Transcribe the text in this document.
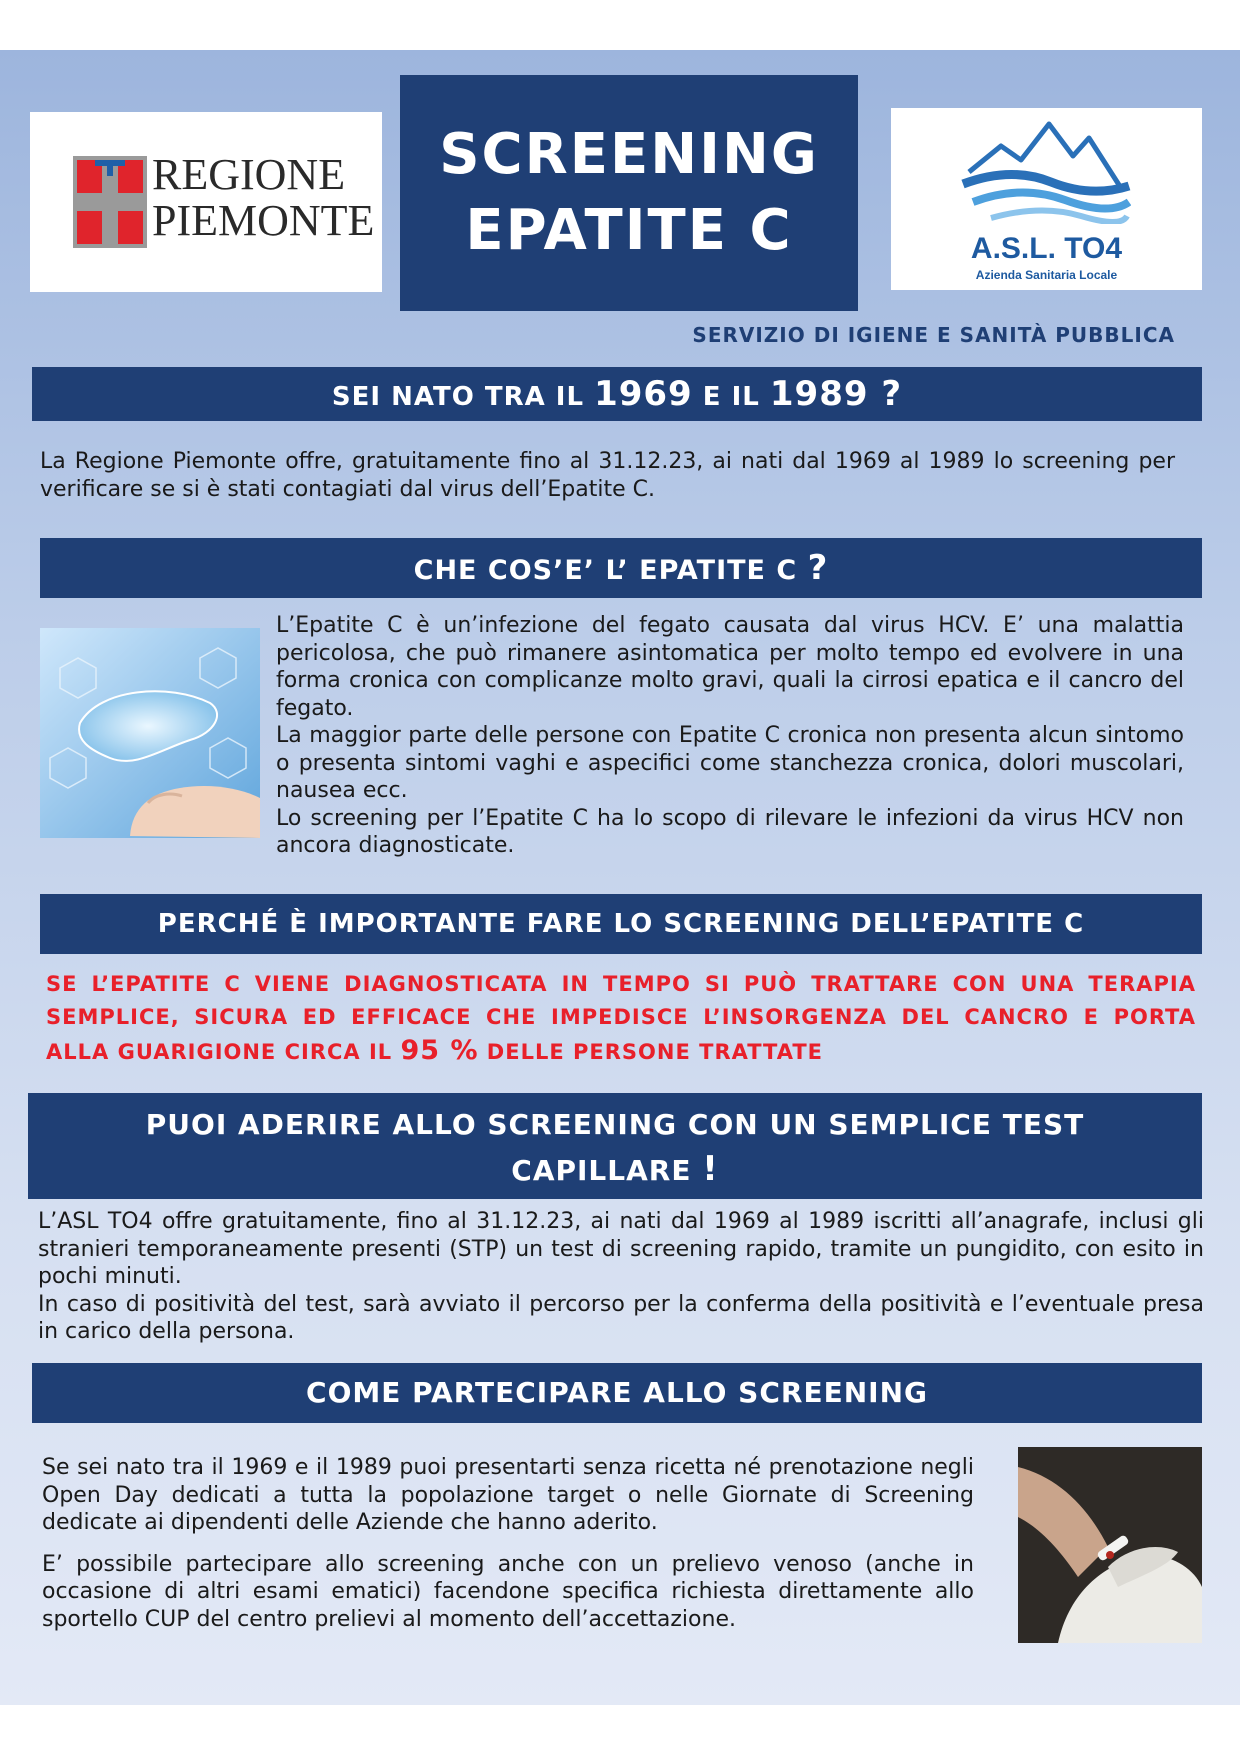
REGIONE
PIEMONTE
SCREENING
EPATITE C	A.S.L. TO4
Azienda Sanitaria Locale
SERVIZIO DI IGIENE E SANITÀ PUBBLICA
SEI NATO TRA IL 1969 E IL 1989 ?
La Regione Piemonte offre, gratuitamente fino al 31.12.23, ai nati dal 1969 al 1989 lo screening per verificare se si è stati contagiati dal virus dell’Epatite C.
CHE COS’E’ L’ EPATITE C ?

L’Epatite C è un’infezione del fegato causata dal virus HCV. E’ una malattia pericolosa, che può rimanere asintomatica per molto tempo ed evolvere in una forma cronica con complicanze molto gravi, quali la cirrosi epatica e il cancro del fegato.

La maggior parte delle persone con Epatite C cronica non presenta alcun sintomo o presenta sintomi vaghi e aspecifici come stanchezza cronica, dolori muscolari, nausea ecc.

Lo screening per l’Epatite C ha lo scopo di rilevare le infezioni da virus HCV non ancora diagnosticate.

PERCHÉ È IMPORTANTE FARE LO SCREENING DELL’EPATITE C
SE L’EPATITE C VIENE DIAGNOSTICATA IN TEMPO SI PUÒ TRATTARE CON UNA TERAPIA SEMPLICE, SICURA ED EFFICACE CHE IMPEDISCE L’INSORGENZA DEL CANCRO E PORTA ALLA GUARIGIONE CIRCA IL 95 % DELLE PERSONE TRATTATE
PUOI ADERIRE ALLO SCREENING CON UN SEMPLICE TEST
CAPILLARE !

L’ASL TO4 offre gratuitamente, fino al 31.12.23, ai nati dal 1969 al 1989 iscritti all’anagrafe, inclusi gli stranieri temporaneamente presenti (STP) un test di screening rapido, tramite un pungidito, con esito in pochi minuti.

In caso di positività del test, sarà avviato il percorso per la conferma della positività e l’eventuale presa in carico della persona.

COME PARTECIPARE ALLO SCREENING

Se sei nato tra il 1969 e il 1989 puoi presentarti senza ricetta né prenotazione negli Open Day dedicati a tutta la popolazione target o nelle Giornate di Screening dedicate ai dipendenti delle Aziende che hanno aderito.

E’ possibile partecipare allo screening anche con un prelievo venoso (anche in occasione di altri esami ematici) facendone specifica richiesta direttamente allo sportello CUP del centro prelievi al momento dell’accettazione.
